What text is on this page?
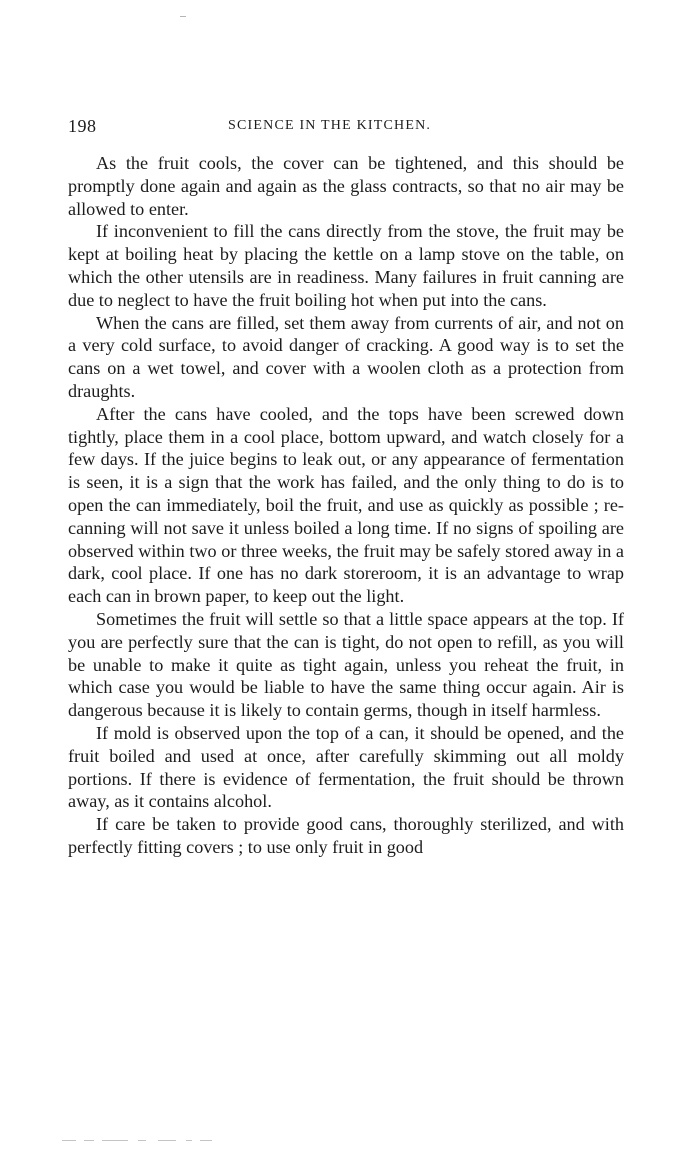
198	SCIENCE IN THE KITCHEN.

As the fruit cools, the cover can be tightened, and this should be promptly done again and again as the glass contracts, so that no air may be allowed to enter.

If inconvenient to fill the cans directly from the stove, the fruit may be kept at boiling heat by placing the kettle on a lamp stove on the table, on which the other utensils are in readiness. Many failures in fruit canning are due to neglect to have the fruit boiling hot when put into the cans.

When the cans are filled, set them away from currents of air, and not on a very cold surface, to avoid danger of cracking. A good way is to set the cans on a wet towel, and cover with a woolen cloth as a protection from draughts.

After the cans have cooled, and the tops have been screwed down tightly, place them in a cool place, bottom upward, and watch closely for a few days. If the juice begins to leak out, or any appearance of fermentation is seen, it is a sign that the work has failed, and the only thing to do is to open the can immediately, boil the fruit, and use as quickly as possible ; re-canning will not save it unless boiled a long time. If no signs of spoiling are observed within two or three weeks, the fruit may be safely stored away in a dark, cool place. If one has no dark storeroom, it is an advantage to wrap each can in brown paper, to keep out the light.

Sometimes the fruit will settle so that a little space appears at the top. If you are perfectly sure that the can is tight, do not open to refill, as you will be unable to make it quite as tight again, unless you reheat the fruit, in which case you would be liable to have the same thing occur again. Air is dangerous because it is likely to contain germs, though in itself harmless.

If mold is observed upon the top of a can, it should be opened, and the fruit boiled and used at once, after carefully skimming out all moldy portions. If there is evidence of fermentation, the fruit should be thrown away, as it contains alcohol.

If care be taken to provide good cans, thoroughly sterilized, and with perfectly fitting covers ; to use only fruit in good
